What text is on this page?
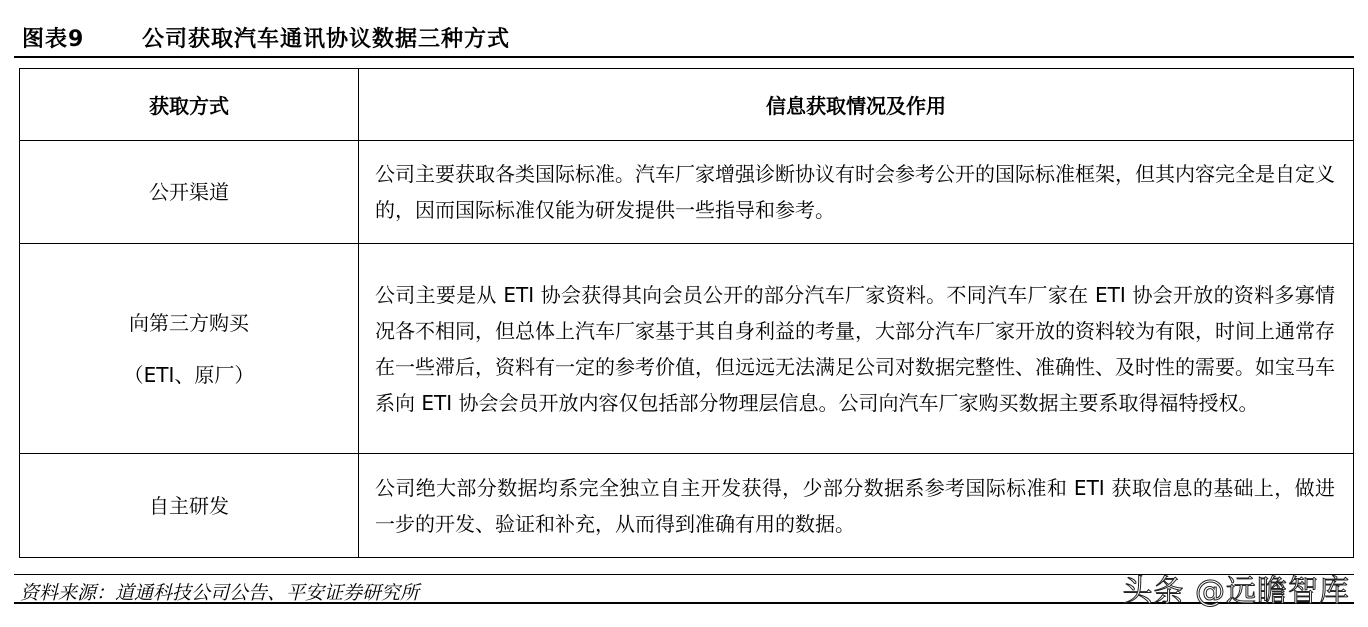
图表9	公司获取汽车通讯协议数据三种方式
获取方式	信息获取情况及作用

公开渠道	公司主要获取各类国际标准。汽车厂家增强诊断协议有时会参考公开的国际标准框架，但其内容完全是自定义的，因而国际标准仅能为研发提供一些指导和参考。

向第三方购买
（ETI、原厂）	公司主要是从 ETI 协会获得其向会员公开的部分汽车厂家资料。不同汽车厂家在 ETI 协会开放的资料多寡情况各不相同，但总体上汽车厂家基于其自身利益的考量，大部分汽车厂家开放的资料较为有限，时间上通常存在一些滞后，资料有一定的参考价值，但远远无法满足公司对数据完整性、准确性、及时性的需要。如宝马车系向 ETI 协会会员开放内容仅包括部分物理层信息。公司向汽车厂家购买数据主要系取得福特授权。

自主研发	公司绝大部分数据均系完全独立自主开发获得，少部分数据系参考国际标准和 ETI 获取信息的基础上，做进一步的开发、验证和补充，从而得到准确有用的数据。
资料来源：道通科技公司公告、平安证券研究所	头条 @远瞻智库
